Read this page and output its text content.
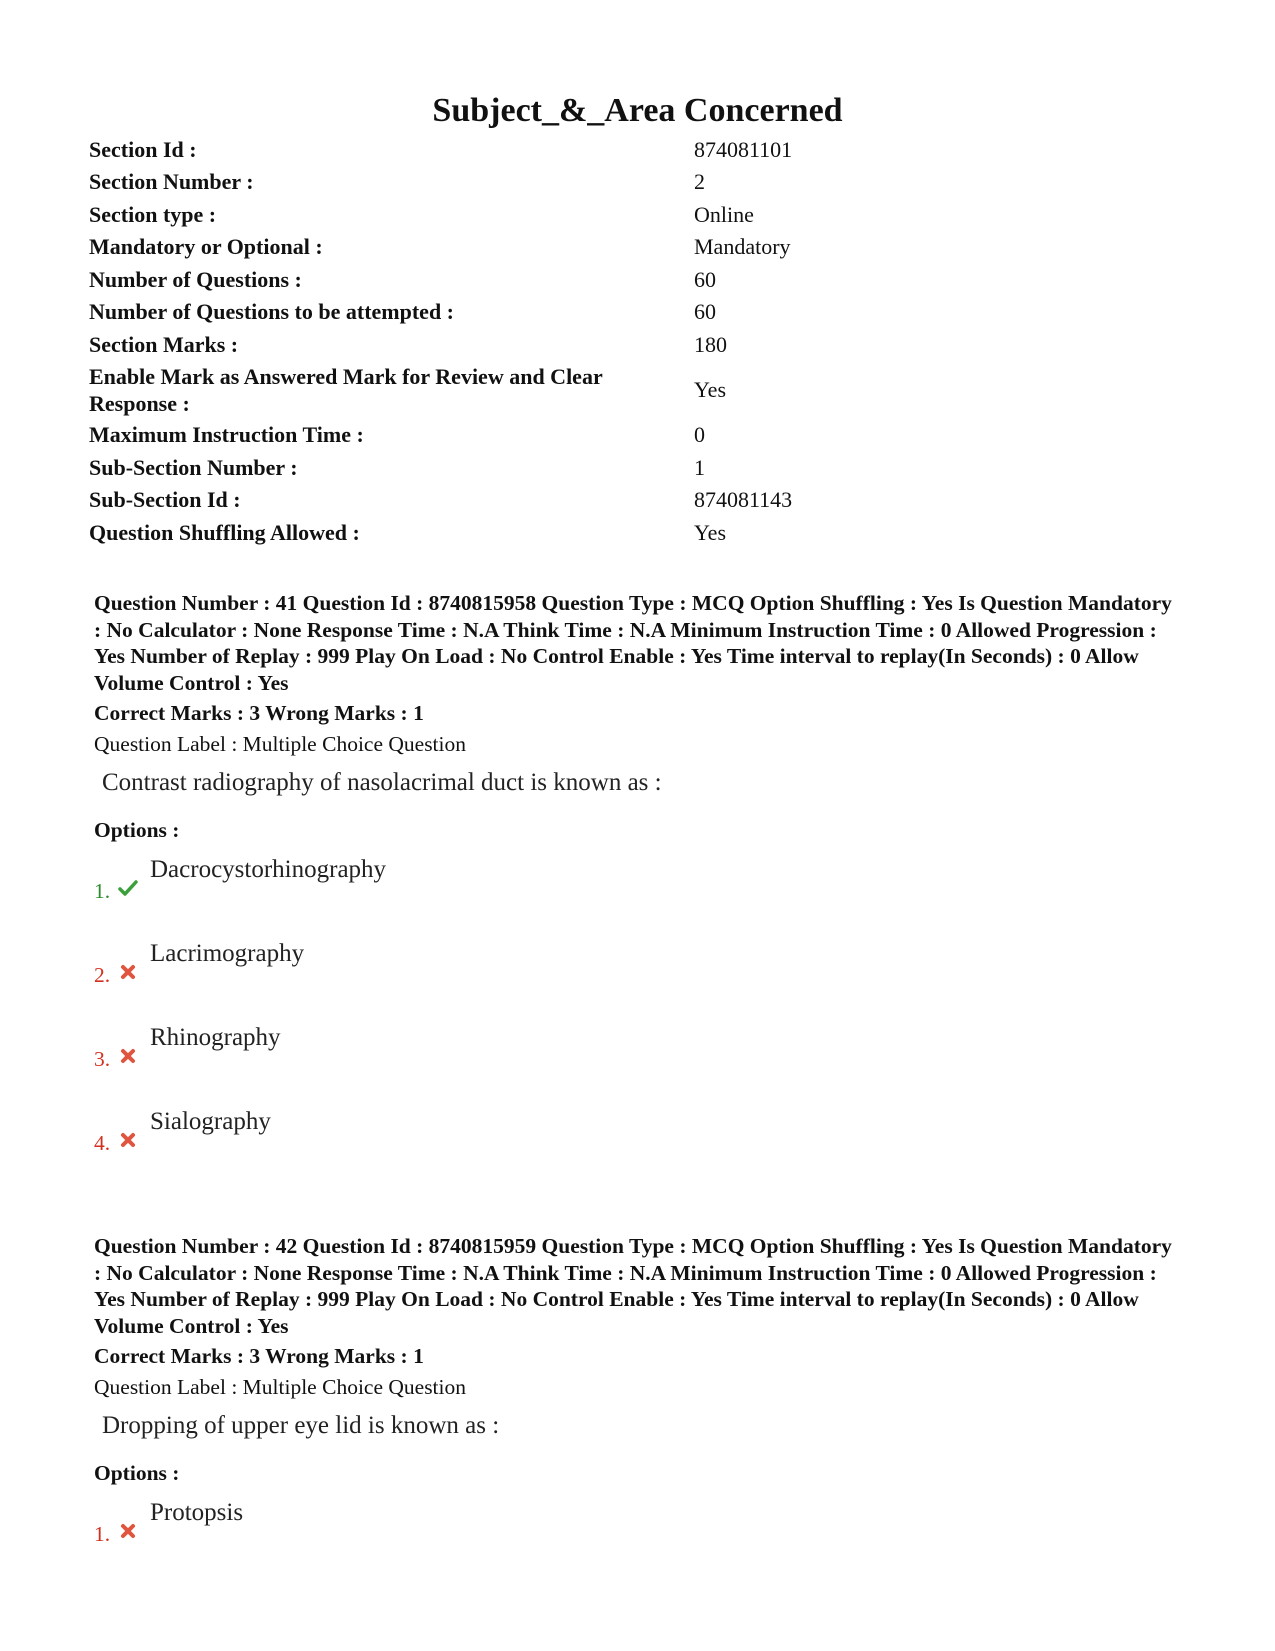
Subject_&_Area Concerned
Section Id :	874081101
Section Number :	2
Section type :	Online
Mandatory or Optional :	Mandatory
Number of Questions :	60
Number of Questions to be attempted :	60
Section Marks :	180
Enable Mark as Answered Mark for Review and Clear Response :
Yes
Maximum Instruction Time :	0
Sub-Section Number :	1
Sub-Section Id :	874081143
Question Shuffling Allowed :	Yes
Question Number : 41 Question Id : 8740815958 Question Type : MCQ Option Shuffling : Yes Is Question Mandatory : No Calculator : None Response Time : N.A Think Time : N.A Minimum Instruction Time : 0 Allowed Progression : Yes Number of Replay : 999 Play On Load : No Control Enable : Yes Time interval to replay(In Seconds) : 0 Allow Volume Control : Yes
Correct Marks : 3 Wrong Marks : 1
Question Label : Multiple Choice Question
Contrast radiography of nasolacrimal duct is known as :
Options :
1.
Dacrocystorhinography
2.
Lacrimography
3.
Rhinography
4.
Sialography
Question Number : 42 Question Id : 8740815959 Question Type : MCQ Option Shuffling : Yes Is Question Mandatory : No Calculator : None Response Time : N.A Think Time : N.A Minimum Instruction Time : 0 Allowed Progression : Yes Number of Replay : 999 Play On Load : No Control Enable : Yes Time interval to replay(In Seconds) : 0 Allow Volume Control : Yes
Correct Marks : 3 Wrong Marks : 1
Question Label : Multiple Choice Question
Dropping of upper eye lid is known as :
Options :
1.
Protopsis
